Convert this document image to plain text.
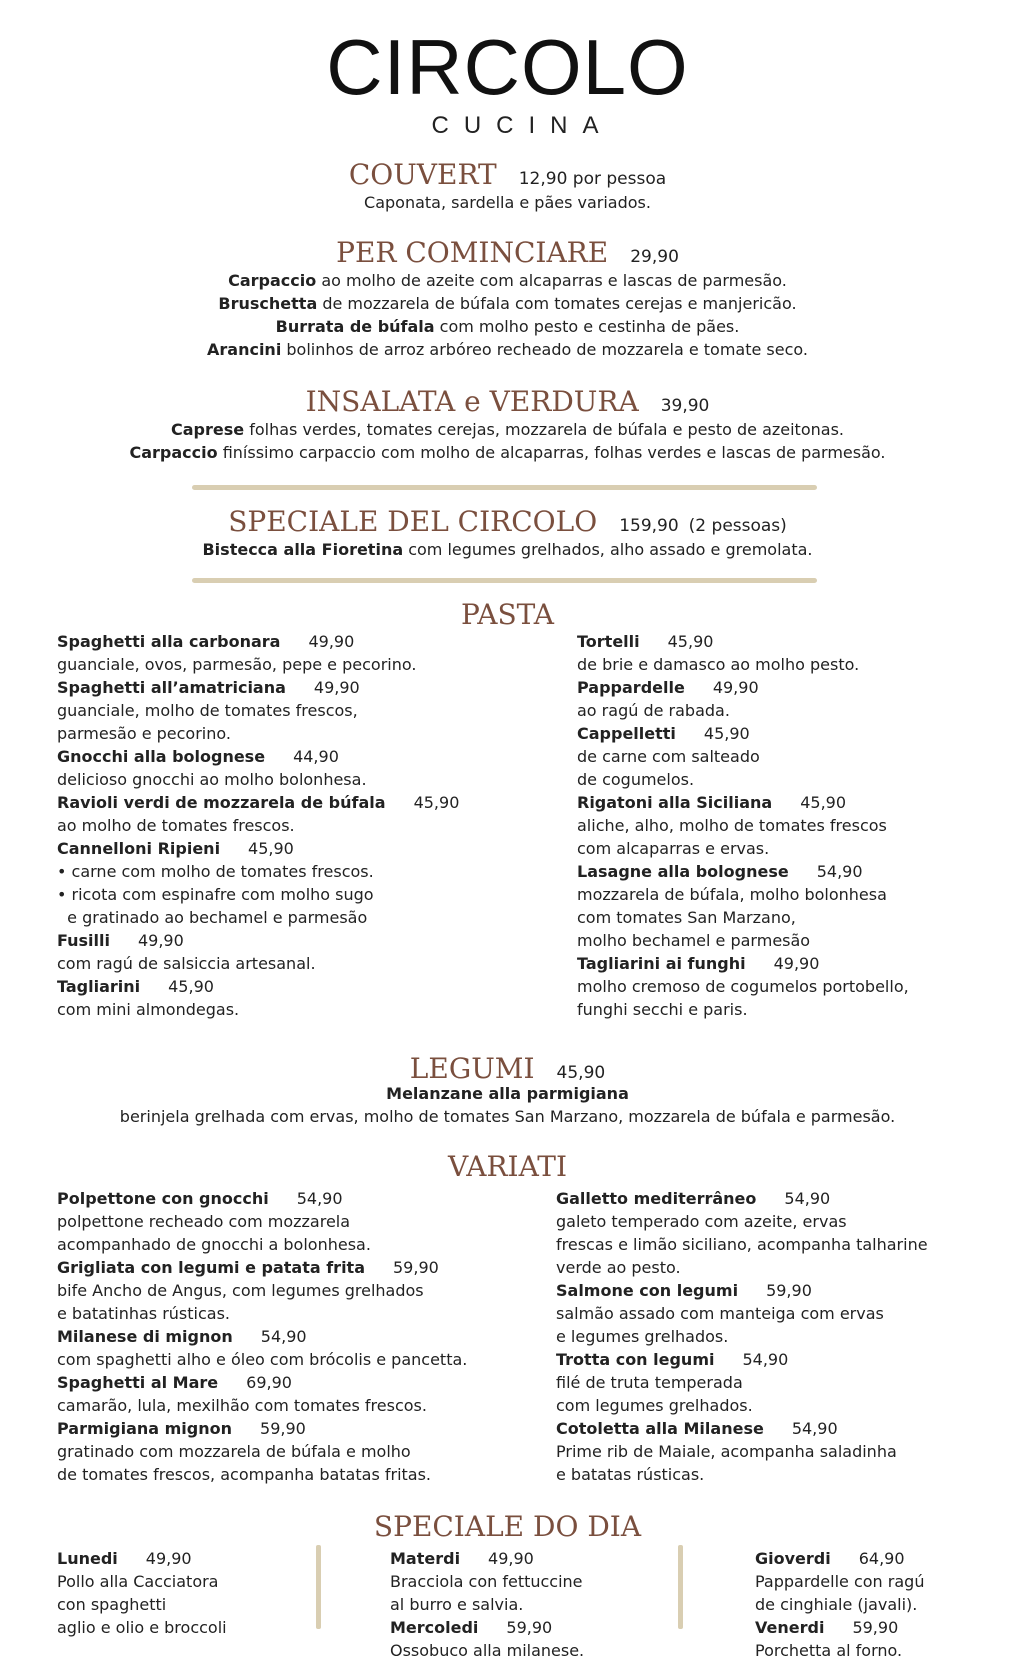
CIRCOLO
CUCINA
COUVERT 12,90 por pessoa
Caponata, sardella e pães variados.
PER COMINCIARE 29,90
Carpaccio ao molho de azeite com alcaparras e lascas de parmesão.
Bruschetta de mozzarela de búfala com tomates cerejas e manjericão.
Burrata de búfala com molho pesto e cestinha de pães.
Arancini bolinhos de arroz arbóreo recheado de mozzarela e tomate seco.
INSALATA e VERDURA 39,90
Caprese folhas verdes, tomates cerejas, mozzarela de búfala e pesto de azeitonas.
Carpaccio finíssimo carpaccio com molho de alcaparras, folhas verdes e lascas de parmesão.
SPECIALE DEL CIRCOLO 159,90 (2 pessoas)
Bistecca alla Fioretina com legumes grelhados, alho assado e gremolata.
PASTA
Spaghetti alla carbonara 49,90
guanciale, ovos, parmesão, pepe e pecorino.
Spaghetti all’amatriciana 49,90
guanciale, molho de tomates frescos,
parmesão e pecorino.
Gnocchi alla bolognese 44,90
delicioso gnocchi ao molho bolonhesa.
Ravioli verdi de mozzarela de búfala 45,90
ao molho de tomates frescos.
Cannelloni Ripieni 45,90
• carne com molho de tomates frescos.
• ricota com espinafre com molho sugo
e gratinado ao bechamel e parmesão
Fusilli 49,90
com ragú de salsiccia artesanal.
Tagliarini 45,90
com mini almondegas.
Tortelli 45,90
de brie e damasco ao molho pesto.
Pappardelle 49,90
ao ragú de rabada.
Cappelletti 45,90
de carne com salteado
de cogumelos.
Rigatoni alla Siciliana 45,90
aliche, alho, molho de tomates frescos
com alcaparras e ervas.
Lasagne alla bolognese 54,90
mozzarela de búfala, molho bolonhesa
com tomates San Marzano,
molho bechamel e parmesão
Tagliarini ai funghi 49,90
molho cremoso de cogumelos portobello,
funghi secchi e paris.
LEGUMI 45,90
Melanzane alla parmigiana
berinjela grelhada com ervas, molho de tomates San Marzano, mozzarela de búfala e parmesão.
VARIATI
Polpettone con gnocchi 54,90
polpettone recheado com mozzarela
acompanhado de gnocchi a bolonhesa.
Grigliata con legumi e patata frita 59,90
bife Ancho de Angus, com legumes grelhados
e batatinhas rústicas.
Milanese di mignon 54,90
com spaghetti alho e óleo com brócolis e pancetta.
Spaghetti al Mare 69,90
camarão, lula, mexilhão com tomates frescos.
Parmigiana mignon 59,90
gratinado com mozzarela de búfala e molho
de tomates frescos, acompanha batatas fritas.
Galletto mediterrâneo 54,90
galeto temperado com azeite, ervas
frescas e limão siciliano, acompanha talharine
verde ao pesto.
Salmone con legumi 59,90
salmão assado com manteiga com ervas
e legumes grelhados.
Trotta con legumi 54,90
filé de truta temperada
com legumes grelhados.
Cotoletta alla Milanese 54,90
Prime rib de Maiale, acompanha saladinha
e batatas rústicas.
SPECIALE DO DIA
Lunedi 49,90
Pollo alla Cacciatora
con spaghetti
aglio e olio e broccoli
Materdi 49,90
Bracciola con fettuccine
al burro e salvia.
Mercoledi 59,90
Ossobuco alla milanese.
Gioverdi 64,90
Pappardelle con ragú
de cinghiale (javali).
Venerdi 59,90
Porchetta al forno.
